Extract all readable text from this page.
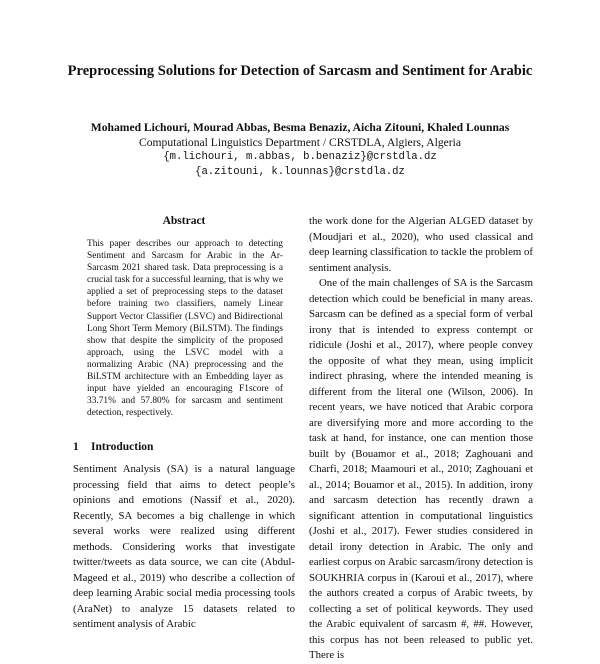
Preprocessing Solutions for Detection of Sarcasm and Sentiment for Arabic
Mohamed Lichouri, Mourad Abbas, Besma Benaziz, Aicha Zitouni, Khaled Lounnas
Computational Linguistics Department / CRSTDLA, Algiers, Algeria
{m.lichouri, m.abbas, b.benaziz}@crstdla.dz
{a.zitouni, k.lounnas}@crstdla.dz
Abstract

This paper describes our approach to detecting Sentiment and Sarcasm for Arabic in the Ar-Sarcasm 2021 shared task. Data preprocessing is a crucial task for a successful learning, that is why we applied a set of preprocessing steps to the dataset before training two classifiers, namely Linear Support Vector Classifier (LSVC) and Bidirectional Long Short Term Memory (BiLSTM). The findings show that despite the simplicity of the proposed approach, using the LSVC model with a normalizing Arabic (NA) preprocessing and the BiLSTM architecture with an Embedding layer as input have yielded an encouraging F1score of 33.71% and 57.80% for sarcasm and sentiment detection, respectively.

1 Introduction

Sentiment Analysis (SA) is a natural language processing field that aims to detect people’s opinions and emotions (Nassif et al., 2020). Recently, SA becomes a big challenge in which several works were realized using different methods. Considering works that investigate twitter/tweets as data source, we can cite (Abdul-Mageed et al., 2019) who describe a collection of deep learning Arabic social media processing tools (AraNet) to analyze 15 datasets related to sentiment analysis of Arabic

the work done for the Algerian ALGED dataset by (Moudjari et al., 2020), who used classical and deep learning classification to tackle the problem of sentiment analysis.

One of the main challenges of SA is the Sarcasm detection which could be beneficial in many areas. Sarcasm can be defined as a special form of verbal irony that is intended to express contempt or ridicule (Joshi et al., 2017), where people convey the opposite of what they mean, using implicit indirect phrasing, where the intended meaning is different from the literal one (Wilson, 2006). In recent years, we have noticed that Arabic corpora are diversifying more and more according to the task at hand, for instance, one can mention those built by (Bouamor et al., 2018; Zaghouani and Charfi, 2018; Maamouri et al., 2010; Zaghouani et al., 2014; Bouamor et al., 2015). In addition, irony and sarcasm detection has recently drawn a significant attention in computational linguistics (Joshi et al., 2017). Fewer studies considered in detail irony detection in Arabic. The only and earliest corpus on Arabic sarcasm/irony detection is SOUKHRIA corpus in (Karoui et al., 2017), where the authors created a corpus of Arabic tweets, by collecting a set of political keywords. They used the Arabic equivalent of sarcasm #, ##. However, this corpus has not been released to public yet. There is
